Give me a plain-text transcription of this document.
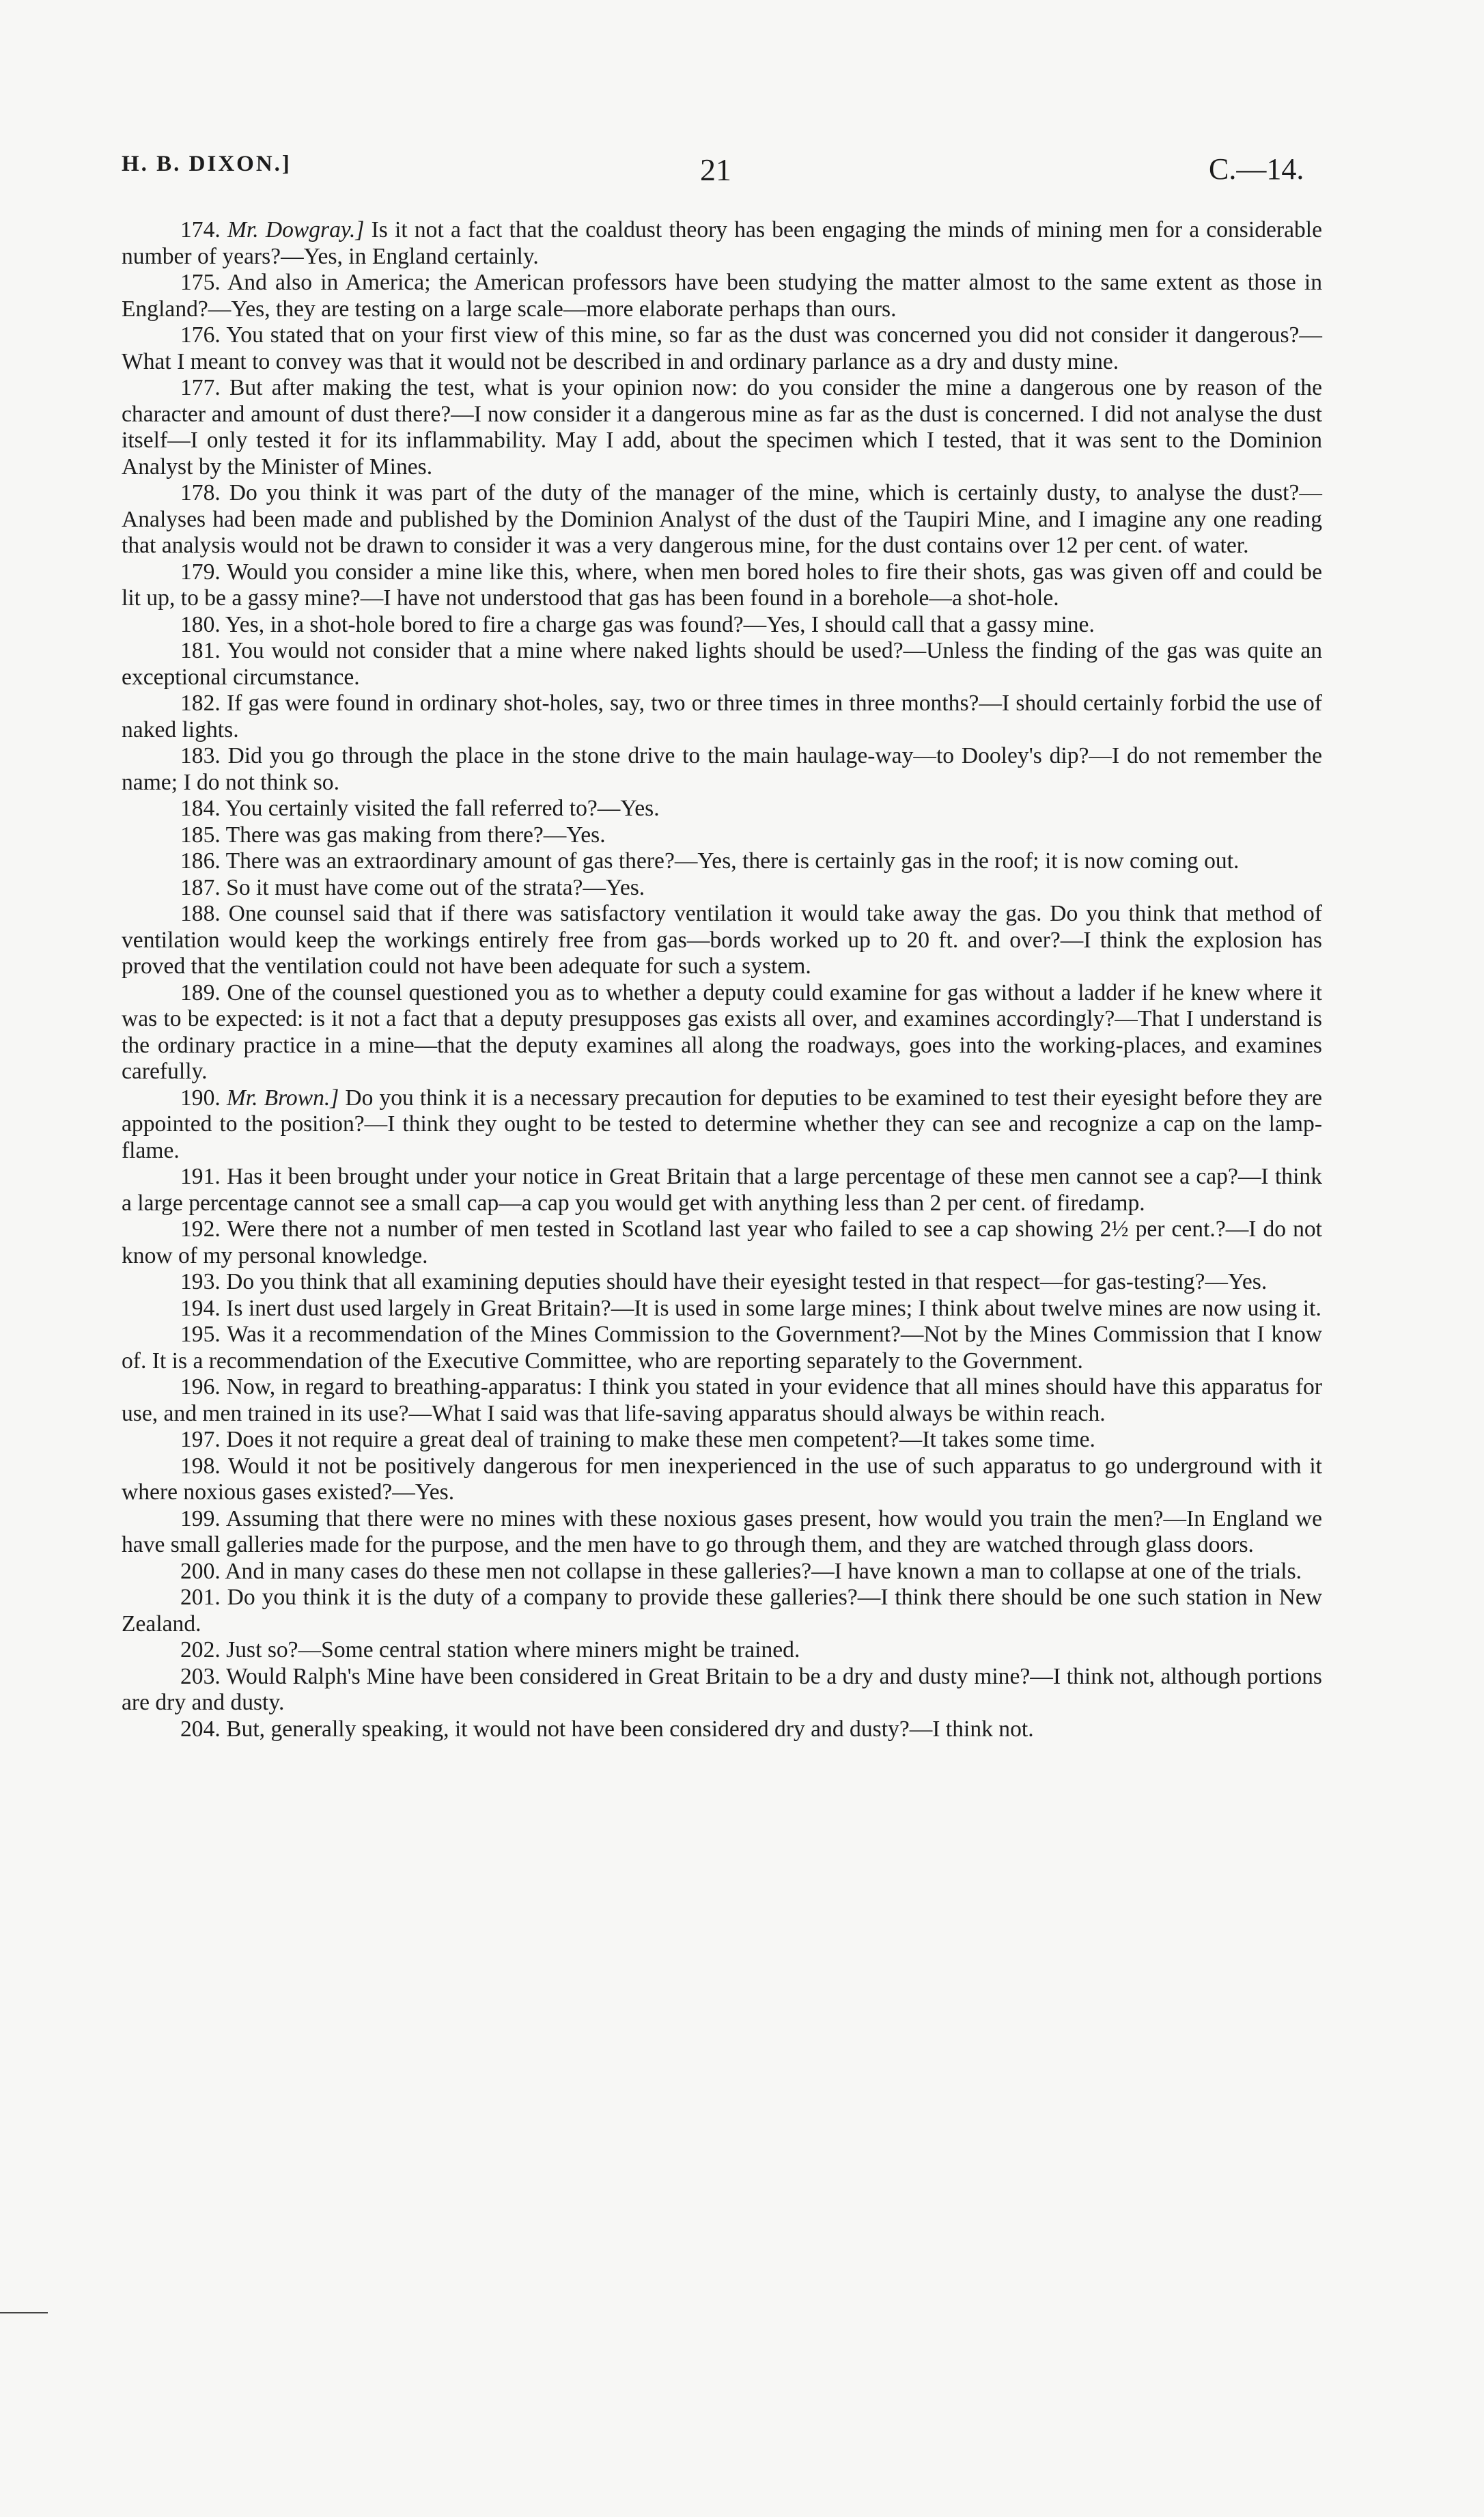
H. B. DIXON.]	21	C.—14.

174. Mr. Dowgray.] Is it not a fact that the coaldust theory has been engaging the minds of mining men for a considerable number of years?—Yes, in England certainly.

175. And also in America; the American professors have been studying the matter almost to the same extent as those in England?—Yes, they are testing on a large scale—more elaborate perhaps than ours.

176. You stated that on your first view of this mine, so far as the dust was concerned you did not consider it dangerous?—What I meant to convey was that it would not be described in and ordinary parlance as a dry and dusty mine.

177. But after making the test, what is your opinion now: do you consider the mine a dangerous one by reason of the character and amount of dust there?—I now consider it a dangerous mine as far as the dust is concerned. I did not analyse the dust itself—I only tested it for its inflammability. May I add, about the specimen which I tested, that it was sent to the Dominion Analyst by the Minister of Mines.

178. Do you think it was part of the duty of the manager of the mine, which is certainly dusty, to analyse the dust?—Analyses had been made and published by the Dominion Analyst of the dust of the Taupiri Mine, and I imagine any one reading that analysis would not be drawn to consider it was a very dangerous mine, for the dust contains over 12 per cent. of water.

179. Would you consider a mine like this, where, when men bored holes to fire their shots, gas was given off and could be lit up, to be a gassy mine?—I have not understood that gas has been found in a borehole—a shot-hole.

180. Yes, in a shot-hole bored to fire a charge gas was found?—Yes, I should call that a gassy mine.

181. You would not consider that a mine where naked lights should be used?—Unless the finding of the gas was quite an exceptional circumstance.

182. If gas were found in ordinary shot-holes, say, two or three times in three months?—I should certainly forbid the use of naked lights.

183. Did you go through the place in the stone drive to the main haulage-way—to Dooley's dip?—I do not remember the name; I do not think so.

184. You certainly visited the fall referred to?—Yes.

185. There was gas making from there?—Yes.

186. There was an extraordinary amount of gas there?—Yes, there is certainly gas in the roof; it is now coming out.

187. So it must have come out of the strata?—Yes.

188. One counsel said that if there was satisfactory ventilation it would take away the gas. Do you think that method of ventilation would keep the workings entirely free from gas—bords worked up to 20 ft. and over?—I think the explosion has proved that the ventilation could not have been adequate for such a system.

189. One of the counsel questioned you as to whether a deputy could examine for gas without a ladder if he knew where it was to be expected: is it not a fact that a deputy presupposes gas exists all over, and examines accordingly?—That I understand is the ordinary practice in a mine—that the deputy examines all along the roadways, goes into the working-places, and examines carefully.

190. Mr. Brown.] Do you think it is a necessary precaution for deputies to be examined to test their eyesight before they are appointed to the position?—I think they ought to be tested to determine whether they can see and recognize a cap on the lamp-flame.

191. Has it been brought under your notice in Great Britain that a large percentage of these men cannot see a cap?—I think a large percentage cannot see a small cap—a cap you would get with anything less than 2 per cent. of firedamp.

192. Were there not a number of men tested in Scotland last year who failed to see a cap showing 2½ per cent.?—I do not know of my personal knowledge.

193. Do you think that all examining deputies should have their eyesight tested in that respect—for gas-testing?—Yes.

194. Is inert dust used largely in Great Britain?—It is used in some large mines; I think about twelve mines are now using it.

195. Was it a recommendation of the Mines Commission to the Government?—Not by the Mines Commission that I know of. It is a recommendation of the Executive Committee, who are reporting separately to the Government.

196. Now, in regard to breathing-apparatus: I think you stated in your evidence that all mines should have this apparatus for use, and men trained in its use?—What I said was that life-saving apparatus should always be within reach.

197. Does it not require a great deal of training to make these men competent?—It takes some time.

198. Would it not be positively dangerous for men inexperienced in the use of such apparatus to go underground with it where noxious gases existed?—Yes.

199. Assuming that there were no mines with these noxious gases present, how would you train the men?—In England we have small galleries made for the purpose, and the men have to go through them, and they are watched through glass doors.

200. And in many cases do these men not collapse in these galleries?—I have known a man to collapse at one of the trials.

201. Do you think it is the duty of a company to provide these galleries?—I think there should be one such station in New Zealand.

202. Just so?—Some central station where miners might be trained.

203. Would Ralph's Mine have been considered in Great Britain to be a dry and dusty mine?—I think not, although portions are dry and dusty.

204. But, generally speaking, it would not have been considered dry and dusty?—I think not.
